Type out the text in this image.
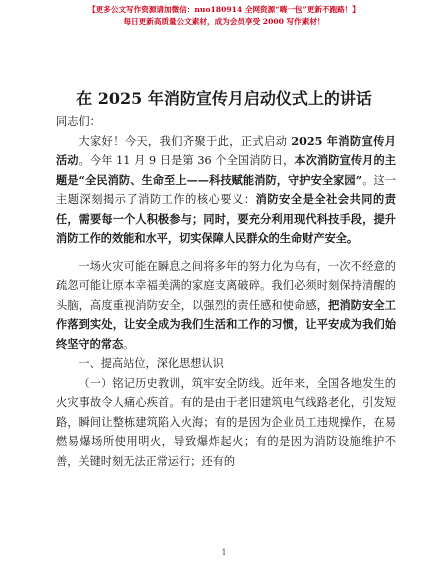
【更多公文写作资源请加微信：nuo180914 全网资源“嗨一包”更新不跑路！】
每日更新高质量公文素材，成为会员享受 2000 写作素材！
在 2025 年消防宣传月启动仪式上的讲话

同志们：

大家好！今天，我们齐聚于此，正式启动 2025 年消防宣传月活动。今年 11 月 9 日是第 36 个全国消防日，本次消防宣传月的主题是“全民消防、生命至上——科技赋能消防，守护安全家园”。这一主题深刻揭示了消防工作的核心要义：消防安全是全社会共同的责任，需要每一个人积极参与；同时，要充分利用现代科技手段，提升消防工作的效能和水平，切实保障人民群众的生命财产安全。

一场火灾可能在瞬息之间将多年的努力化为乌有，一次不经意的疏忽可能让原本幸福美满的家庭支离破碎。我们必须时刻保持清醒的头脑，高度重视消防安全，以强烈的责任感和使命感，把消防安全工作落到实处，让安全成为我们生活和工作的习惯，让平安成为我们始终坚守的常态。

一、提高站位，深化思想认识

（一）铭记历史教训，筑牢安全防线。近年来，全国各地发生的火灾事故令人痛心疾首。有的是由于老旧建筑电气线路老化，引发短路，瞬间让整栋建筑陷入火海；有的是因为企业员工违规操作，在易燃易爆场所使用明火，导致爆炸起火；有的是因为消防设施维护不善，关键时刻无法正常运行；还有的

1
